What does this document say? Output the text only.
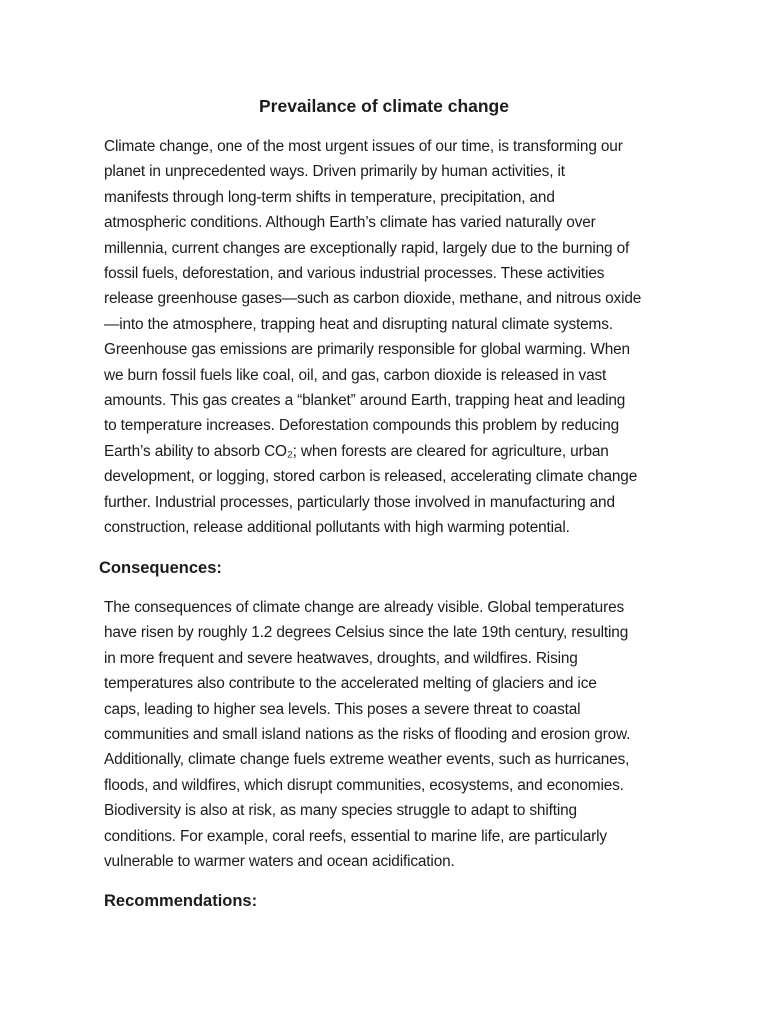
Prevailance of climate change

Climate change, one of the most urgent issues of our time, is transforming our
planet in unprecedented ways. Driven primarily by human activities, it
manifests through long-term shifts in temperature, precipitation, and
atmospheric conditions. Although Earth’s climate has varied naturally over
millennia, current changes are exceptionally rapid, largely due to the burning of
fossil fuels, deforestation, and various industrial processes. These activities
release greenhouse gases—such as carbon dioxide, methane, and nitrous oxide
—into the atmosphere, trapping heat and disrupting natural climate systems.
Greenhouse gas emissions are primarily responsible for global warming. When
we burn fossil fuels like coal, oil, and gas, carbon dioxide is released in vast
amounts. This gas creates a “blanket” around Earth, trapping heat and leading
to temperature increases. Deforestation compounds this problem by reducing
Earth’s ability to absorb CO₂; when forests are cleared for agriculture, urban
development, or logging, stored carbon is released, accelerating climate change
further. Industrial processes, particularly those involved in manufacturing and
construction, release additional pollutants with high warming potential.

Consequences:

The consequences of climate change are already visible. Global temperatures
have risen by roughly 1.2 degrees Celsius since the late 19th century, resulting
in more frequent and severe heatwaves, droughts, and wildfires. Rising
temperatures also contribute to the accelerated melting of glaciers and ice
caps, leading to higher sea levels. This poses a severe threat to coastal
communities and small island nations as the risks of flooding and erosion grow.
Additionally, climate change fuels extreme weather events, such as hurricanes,
floods, and wildfires, which disrupt communities, ecosystems, and economies.
Biodiversity is also at risk, as many species struggle to adapt to shifting
conditions. For example, coral reefs, essential to marine life, are particularly
vulnerable to warmer waters and ocean acidification.

Recommendations:
